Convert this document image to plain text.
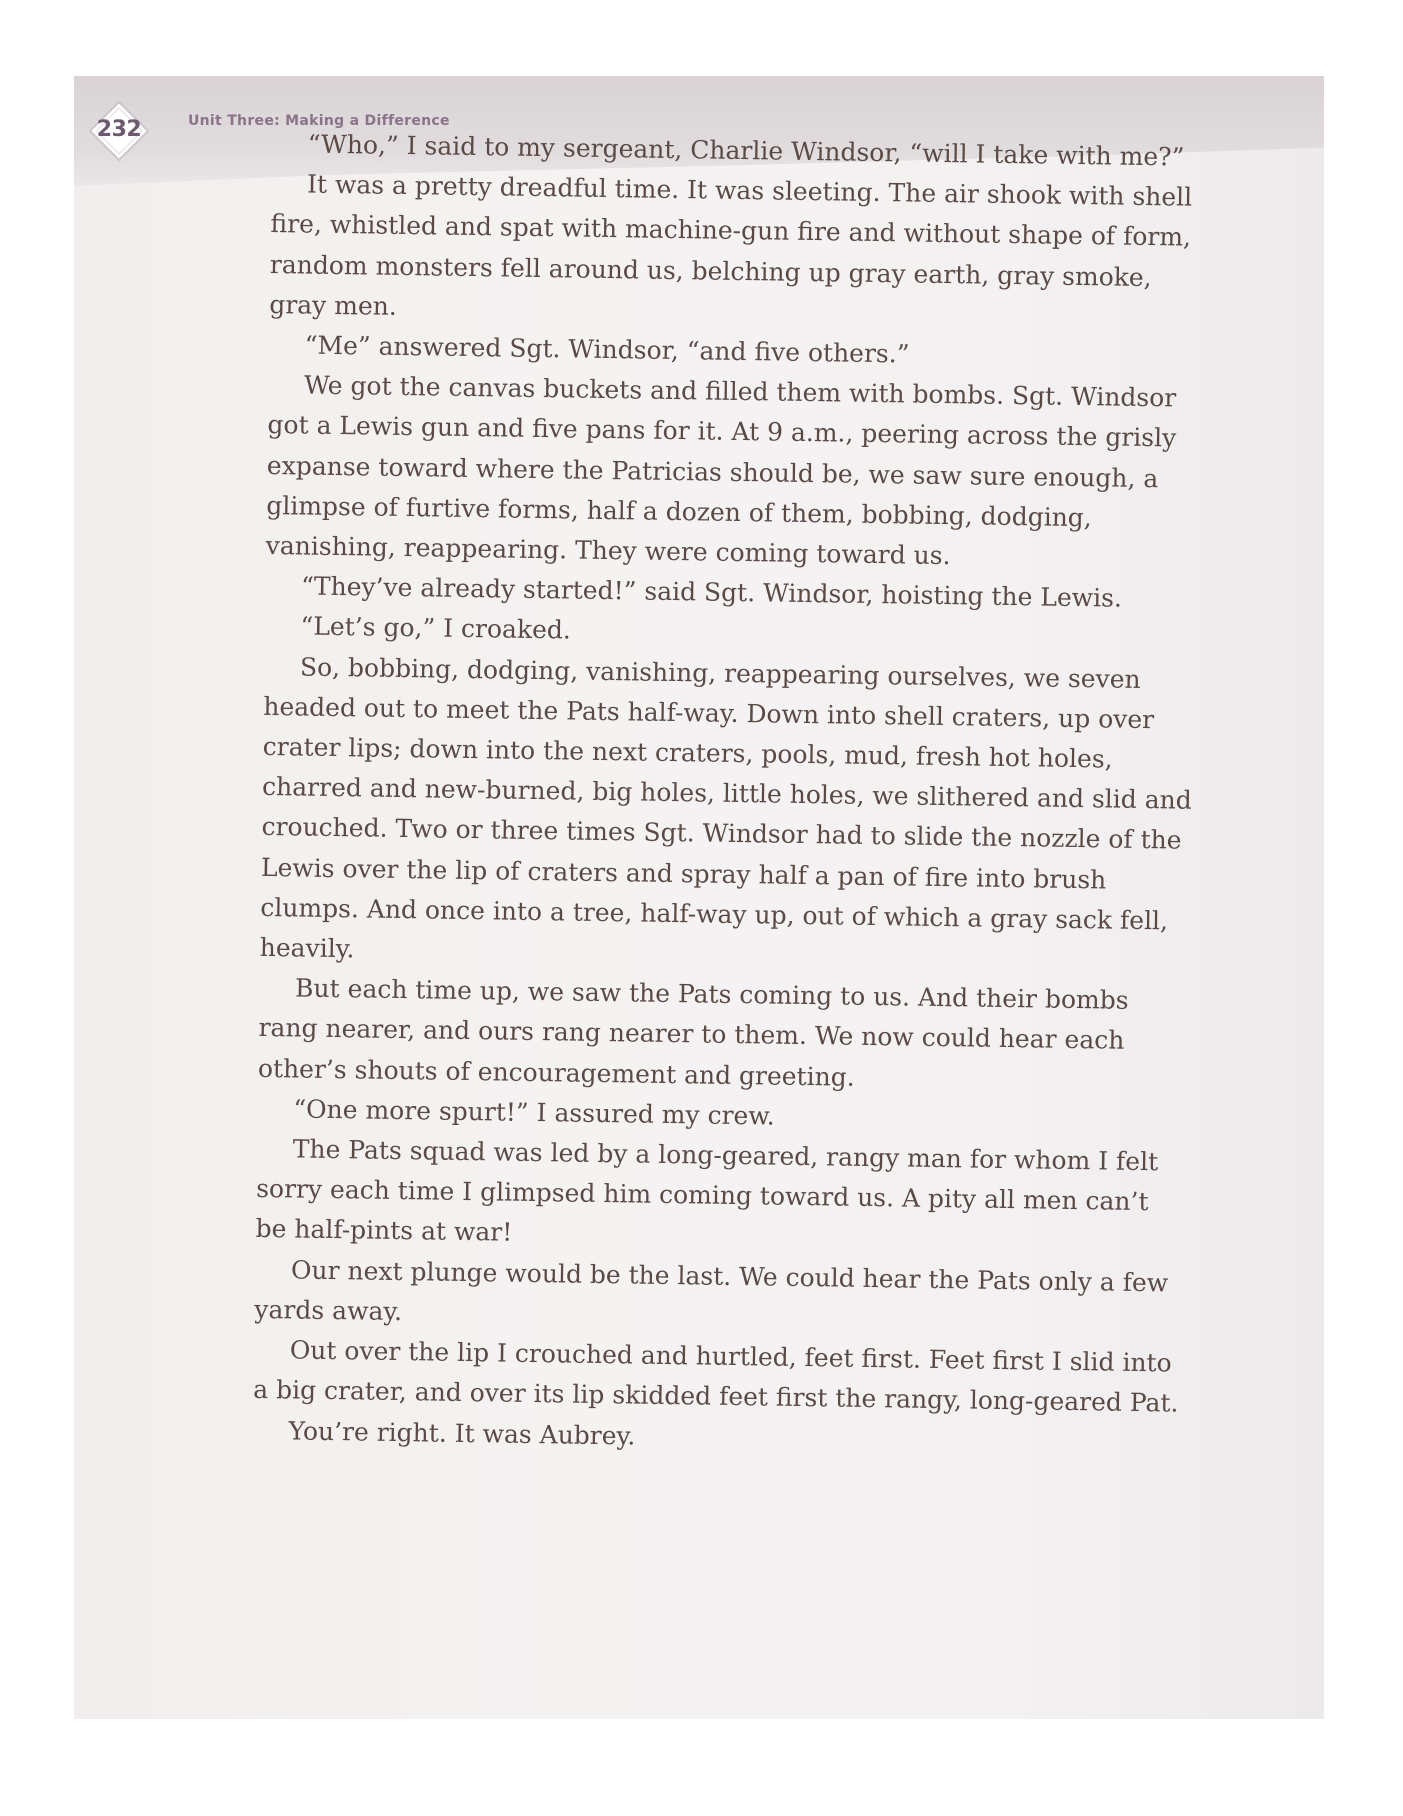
232	Unit Three: Making a Difference

“Who,” I said to my sergeant, Charlie Windsor, “will I take with me?”

It was a pretty dreadful time. It was sleeting. The air shook with shell fire, whistled and spat with machine-gun fire and without shape of form, random monsters fell around us, belching up gray earth, gray smoke, gray men.

“Me” answered Sgt. Windsor, “and five others.”

We got the canvas buckets and filled them with bombs. Sgt. Windsor got a Lewis gun and five pans for it. At 9 a.m., peering across the grisly expanse toward where the Patricias should be, we saw sure enough, a glimpse of furtive forms, half a dozen of them, bobbing, dodging, vanishing, reappearing. They were coming toward us.

“They’ve already started!” said Sgt. Windsor, hoisting the Lewis.

“Let’s go,” I croaked.

So, bobbing, dodging, vanishing, reappearing ourselves, we seven headed out to meet the Pats half-way. Down into shell craters, up over crater lips; down into the next craters, pools, mud, fresh hot holes, charred and new-burned, big holes, little holes, we slithered and slid and crouched. Two or three times Sgt. Windsor had to slide the nozzle of the Lewis over the lip of craters and spray half a pan of fire into brush clumps. And once into a tree, half-way up, out of which a gray sack fell, heavily.

But each time up, we saw the Pats coming to us. And their bombs rang nearer, and ours rang nearer to them. We now could hear each other’s shouts of encouragement and greeting.

“One more spurt!” I assured my crew.

The Pats squad was led by a long-geared, rangy man for whom I felt sorry each time I glimpsed him coming toward us. A pity all men can’t be half-pints at war!

Our next plunge would be the last. We could hear the Pats only a few yards away.

Out over the lip I crouched and hurtled, feet first. Feet first I slid into a big crater, and over its lip skidded feet first the rangy, long-geared Pat.

You’re right. It was Aubrey.
